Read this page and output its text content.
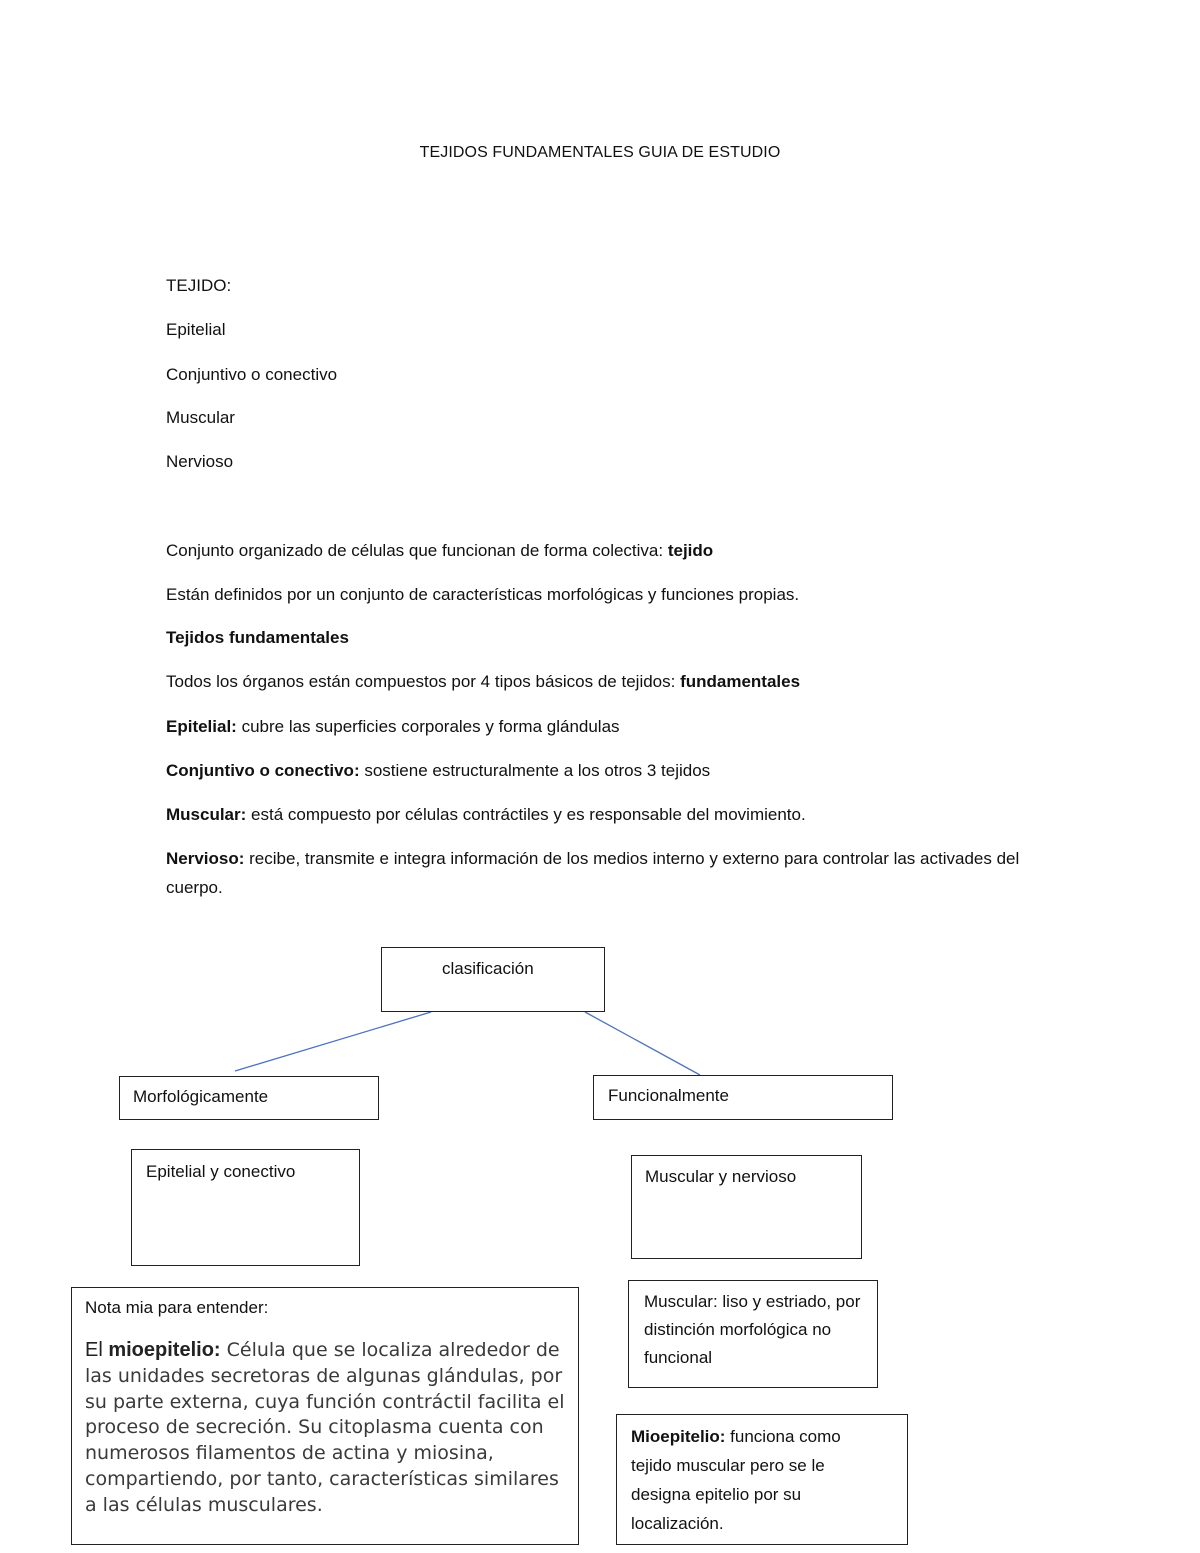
TEJIDOS FUNDAMENTALES GUIA DE ESTUDIO
TEJIDO:
Epitelial
Conjuntivo o conectivo
Muscular
Nervioso
Conjunto organizado de células que funcionan de forma colectiva: tejido
Están definidos por un conjunto de características morfológicas y funciones propias.
Tejidos fundamentales
Todos los órganos están compuestos por 4 tipos básicos de tejidos: fundamentales
Epitelial: cubre las superficies corporales y forma glándulas
Conjuntivo o conectivo: sostiene estructuralmente a los otros 3 tejidos
Muscular: está compuesto por células contráctiles y es responsable del movimiento.
Nervioso: recibe, transmite e integra información de los medios interno y externo para controlar las activades del cuerpo.
clasificación
Morfológicamente	Funcionalmente
Epitelial y conectivo	Muscular y nervioso
Muscular: liso y estriado, por distinción morfológica no funcional
Mioepitelio: funciona como tejido muscular pero se le designa epitelio por su localización.
Nota mia para entender:
El mioepitelio: Célula que se localiza alrededor de las unidades secretoras de algunas glándulas, por su parte externa, cuya función contráctil facilita el proceso de secreción. Su citoplasma cuenta con numerosos filamentos de actina y miosina, compartiendo, por tanto, características similares a las células musculares.
